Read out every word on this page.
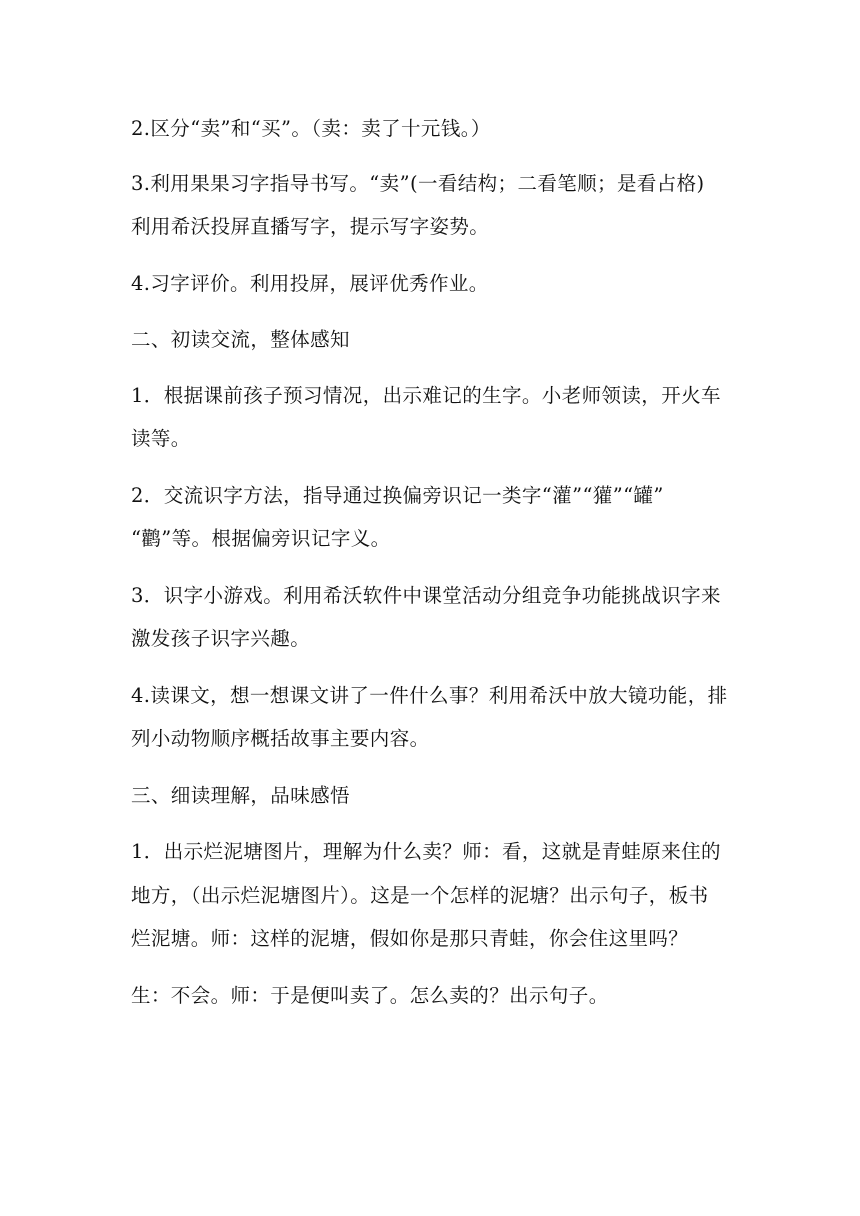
2.区分“卖”和“买”。（卖：卖了十元钱。）
3.利用果果习字指导书写。“卖”(一看结构；二看笔顺；是看占格)
利用希沃投屏直播写字，提示写字姿势。
4.习字评价。利用投屏，展评优秀作业。
二、初读交流，整体感知
1．根据课前孩子预习情况，出示难记的生字。小老师领读，开火车
读等。
2．交流识字方法，指导通过换偏旁识记一类字“灌”“獾”“罐”
“鹳”等。根据偏旁识记字义。
3．识字小游戏。利用希沃软件中课堂活动分组竞争功能挑战识字来
激发孩子识字兴趣。
4.读课文，想一想课文讲了一件什么事？利用希沃中放大镜功能，排
列小动物顺序概括故事主要内容。
三、细读理解，品味感悟
1．出示烂泥塘图片，理解为什么卖？师：看，这就是青蛙原来住的
地方，（出示烂泥塘图片）。这是一个怎样的泥塘？出示句子，板书
烂泥塘。师：这样的泥塘，假如你是那只青蛙，你会住这里吗？
生：不会。师：于是便叫卖了。怎么卖的？出示句子。
